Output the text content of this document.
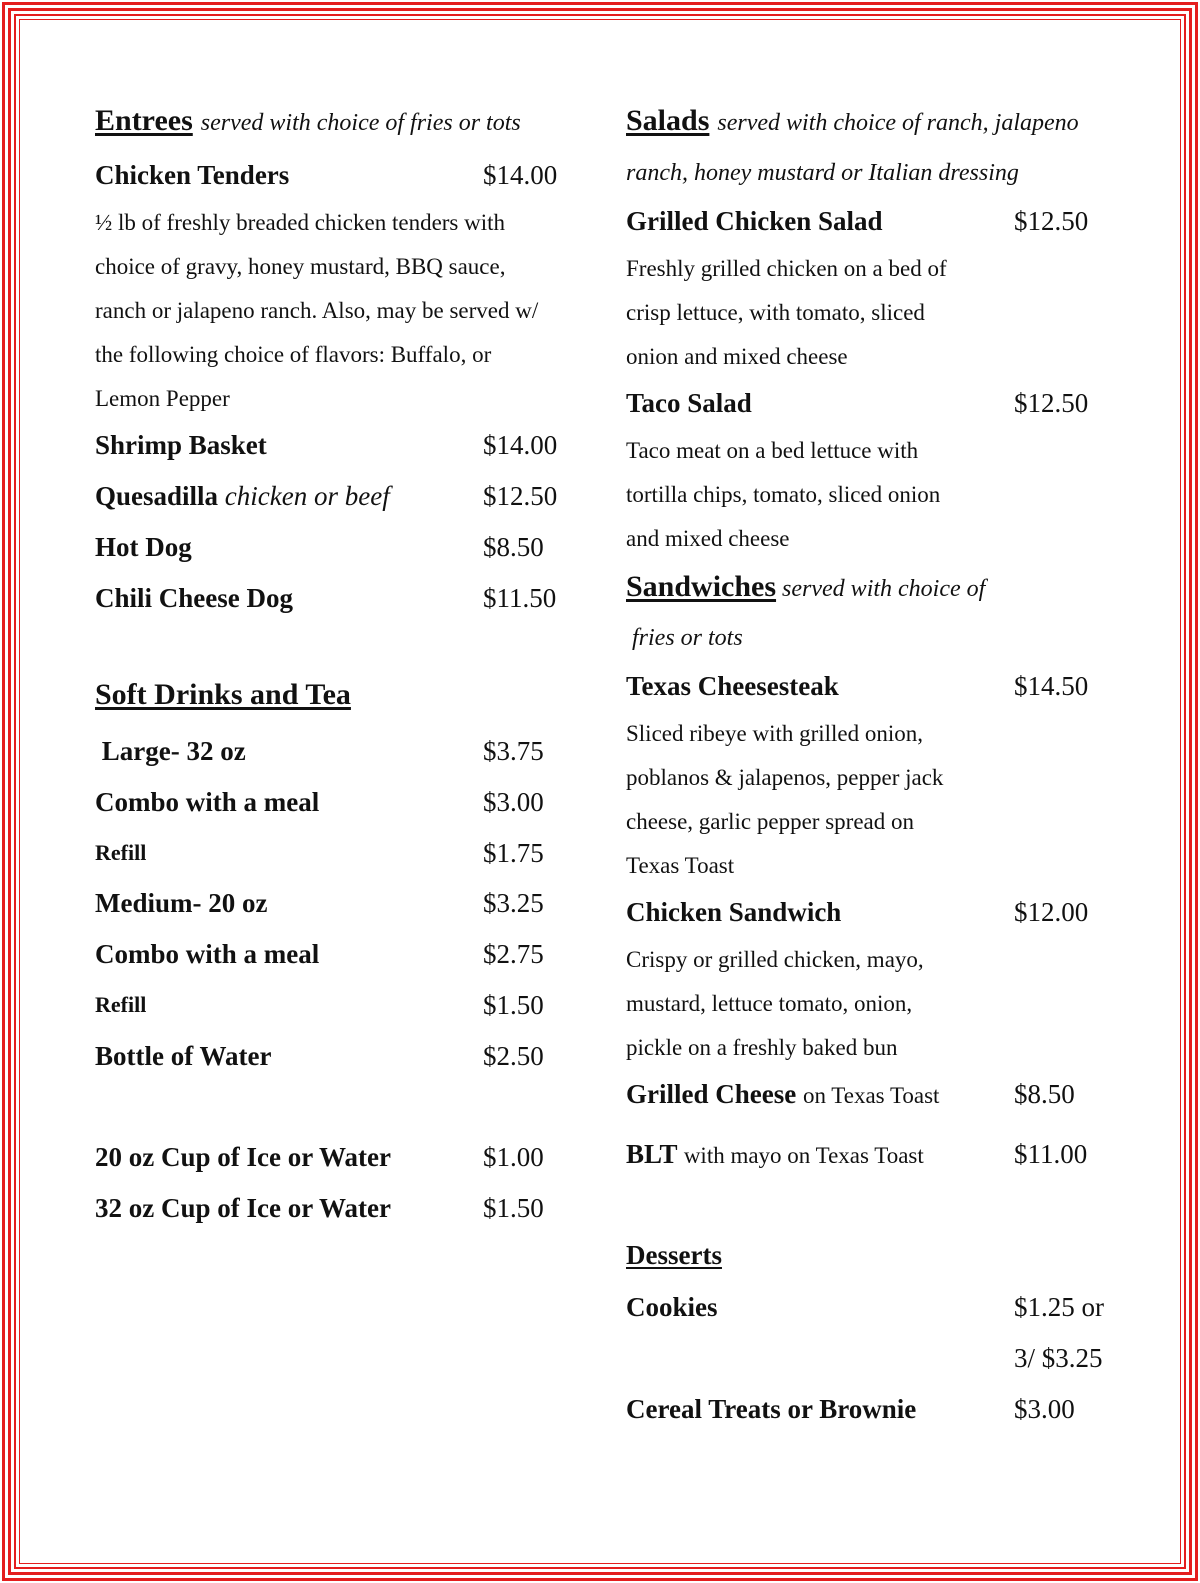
Entrees served with choice of fries or tots
Chicken Tenders	$14.00
½ lb of freshly breaded chicken tenders with
choice of gravy, honey mustard, BBQ sauce,
ranch or jalapeno ranch. Also, may be served w/
the following choice of flavors: Buffalo, or
Lemon Pepper
Shrimp Basket	$14.00
Quesadilla chicken or beef	$12.50
Hot Dog	$8.50
Chili Cheese Dog	$11.50
Soft Drinks and Tea
Large- 32 oz	$3.75
Combo with a meal	$3.00
Refill	$1.75
Medium- 20 oz	$3.25
Combo with a meal	$2.75
Refill	$1.50
Bottle of Water	$2.50
20 oz Cup of Ice or Water	$1.00
32 oz Cup of Ice or Water	$1.50
Salads served with choice of ranch, jalapeno
ranch, honey mustard or Italian dressing
Grilled Chicken Salad	$12.50
Freshly grilled chicken on a bed of
crisp lettuce, with tomato, sliced
onion and mixed cheese
Taco Salad	$12.50
Taco meat on a bed lettuce with
tortilla chips, tomato, sliced onion
and mixed cheese
Sandwiches served with choice of
fries or tots
Texas Cheesesteak	$14.50
Sliced ribeye with grilled onion,
poblanos & jalapenos, pepper jack
cheese, garlic pepper spread on
Texas Toast
Chicken Sandwich	$12.00
Crispy or grilled chicken, mayo,
mustard, lettuce tomato, onion,
pickle on a freshly baked bun
Grilled Cheese on Texas Toast	$8.50
BLT with mayo on Texas Toast	$11.00
Desserts
Cookies	$1.25 or
3/ $3.25
Cereal Treats or Brownie	$3.00
